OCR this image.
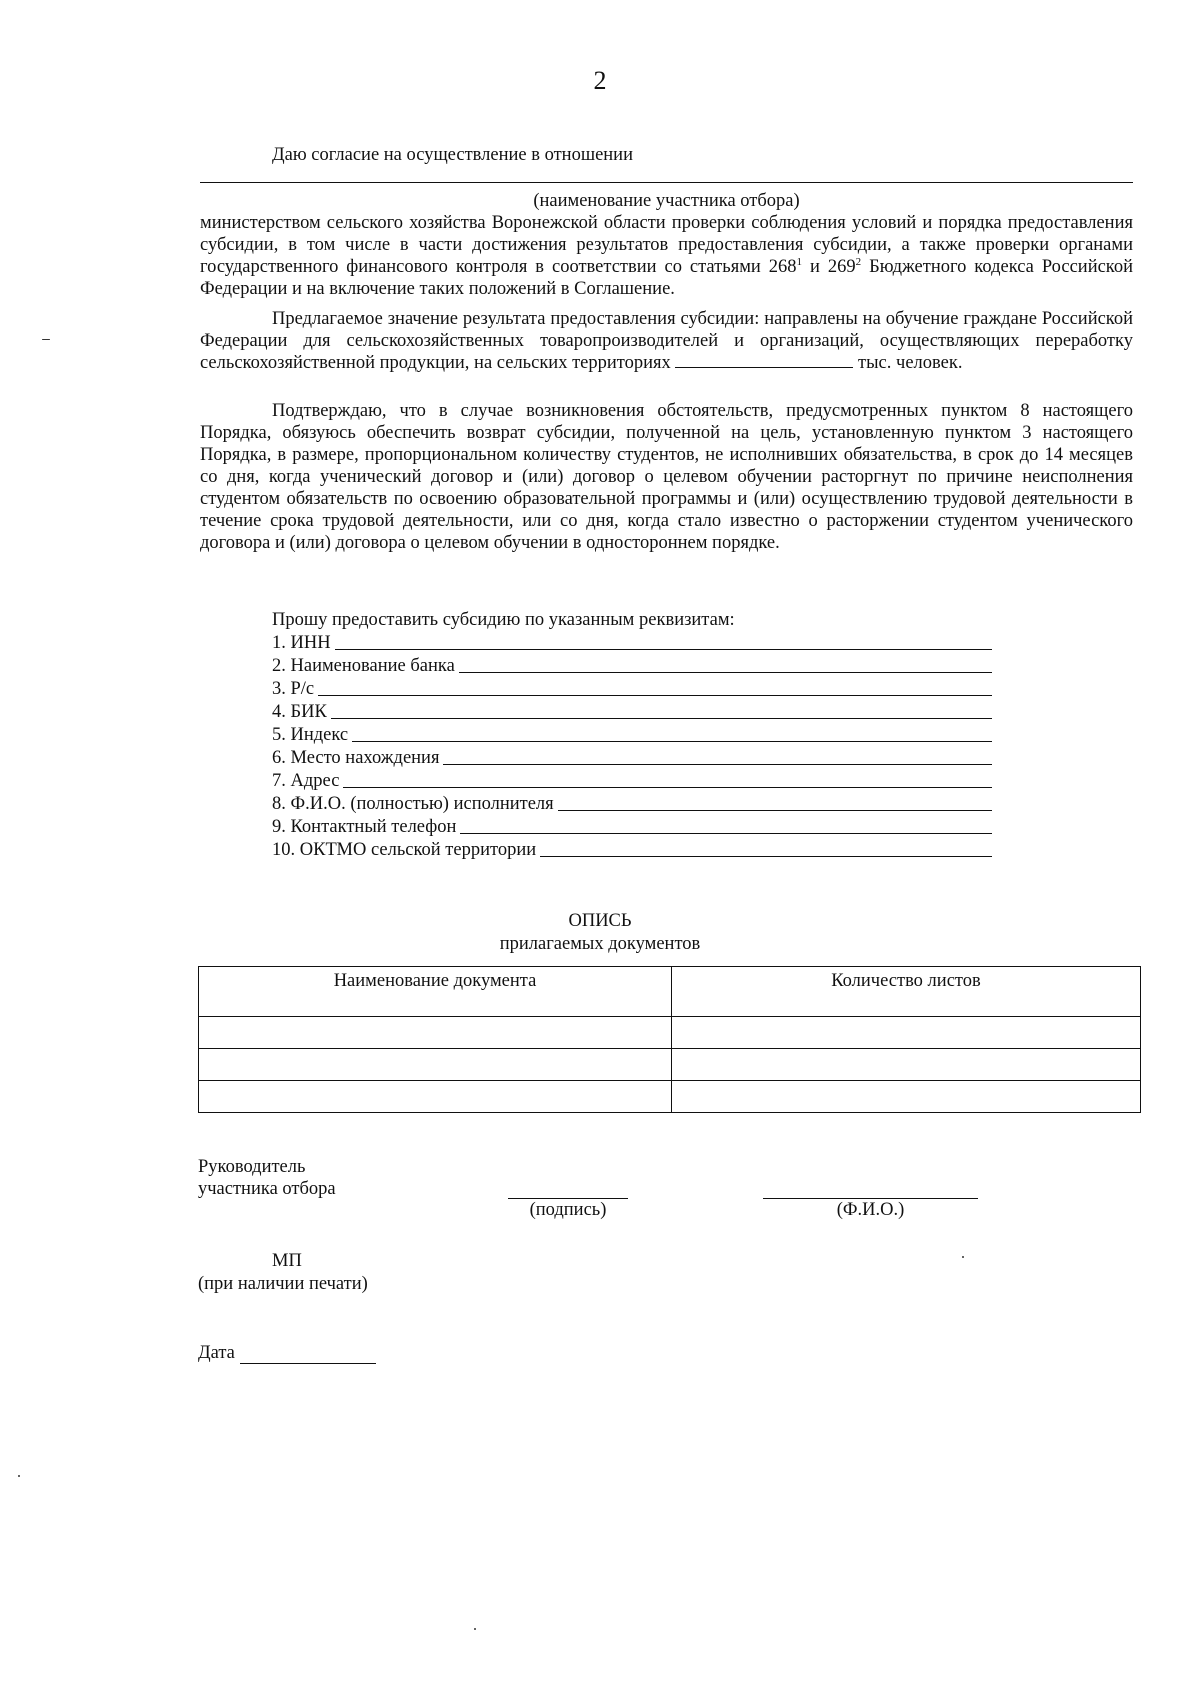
2
Даю согласие на осуществление в отношении
(наименование участника отбора)

министерством сельского хозяйства Воронежской области проверки соблюдения условий и порядка предоставления субсидии, в том числе в части достижения результатов предоставления субсидии, а также проверки органами государственного финансового контроля в соответствии со статьями $268^1$ и $269^2$ Бюджетного кодекса Российской Федерации и на включение таких положений в Соглашение.

Предлагаемое значение результата предоставления субсидии: направлены на обучение граждане Российской Федерации для сельскохозяйственных товаропроизводителей и организаций, осуществляющих переработку сельскохозяйственной продукции, на сельских территориях	тыс. человек.

Подтверждаю, что в случае возникновения обстоятельств, предусмотренных пунктом 8 настоящего Порядка, обязуюсь обеспечить возврат субсидии, полученной на цель, установленную пунктом 3 настоящего Порядка, в размере, пропорциональном количеству студентов, не исполнивших обязательства, в срок до 14 месяцев со дня, когда ученический договор и (или) договор о целевом обучении расторгнут по причине неисполнения студентом обязательств по освоению образовательной программы и (или) осуществлению трудовой деятельности в течение срока трудовой деятельности, или со дня, когда стало известно о расторжении студентом ученического договора и (или) договора о целевом обучении в одностороннем порядке.

Прошу предоставить субсидию по указанным реквизитам:
1. ИНН
2. Наименование банка
3. Р/с
4. БИК
5. Индекс
6. Место нахождения
7. Адрес
8. Ф.И.О. (полностью) исполнителя
9. Контактный телефон
10. ОКТМО сельской территории
ОПИСЬ
прилагаемых документов
Наименование документа	Количество листов

Руководитель
участника отбора
(подпись)	(Ф.И.О.)
МП
(при наличии печати)
Дата
